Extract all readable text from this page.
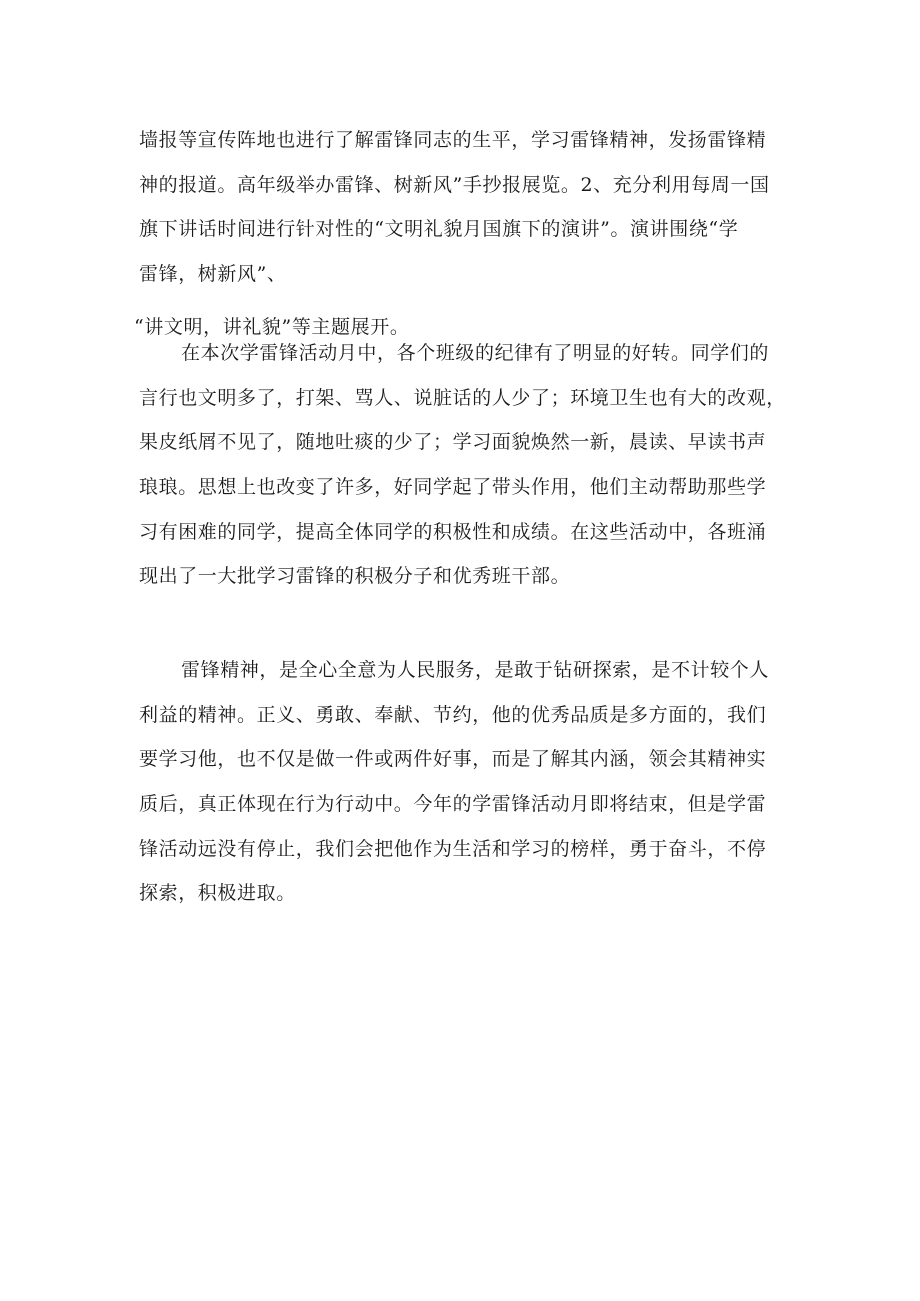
墙报等宣传阵地也进行了解雷锋同志的生平，学习雷锋精神，发扬雷锋精
神的报道。高年级举办雷锋、树新风”手抄报展览。2、充分利用每周一国
旗下讲话时间进行针对性的“文明礼貌月国旗下的演讲”。演讲围绕“学
雷锋，树新风”、
“讲文明，讲礼貌”等主题展开。
在本次学雷锋活动月中，各个班级的纪律有了明显的好转。同学们的
言行也文明多了，打架、骂人、说脏话的人少了；环境卫生也有大的改观，
果皮纸屑不见了，随地吐痰的少了；学习面貌焕然一新，晨读、早读书声
琅琅。思想上也改变了许多，好同学起了带头作用，他们主动帮助那些学
习有困难的同学，提高全体同学的积极性和成绩。在这些活动中，各班涌
现出了一大批学习雷锋的积极分子和优秀班干部。
雷锋精神，是全心全意为人民服务，是敢于钻研探索，是不计较个人
利益的精神。正义、勇敢、奉献、节约，他的优秀品质是多方面的，我们
要学习他，也不仅是做一件或两件好事，而是了解其内涵，领会其精神实
质后，真正体现在行为行动中。今年的学雷锋活动月即将结束，但是学雷
锋活动远没有停止，我们会把他作为生活和学习的榜样，勇于奋斗，不停
探索，积极进取。
